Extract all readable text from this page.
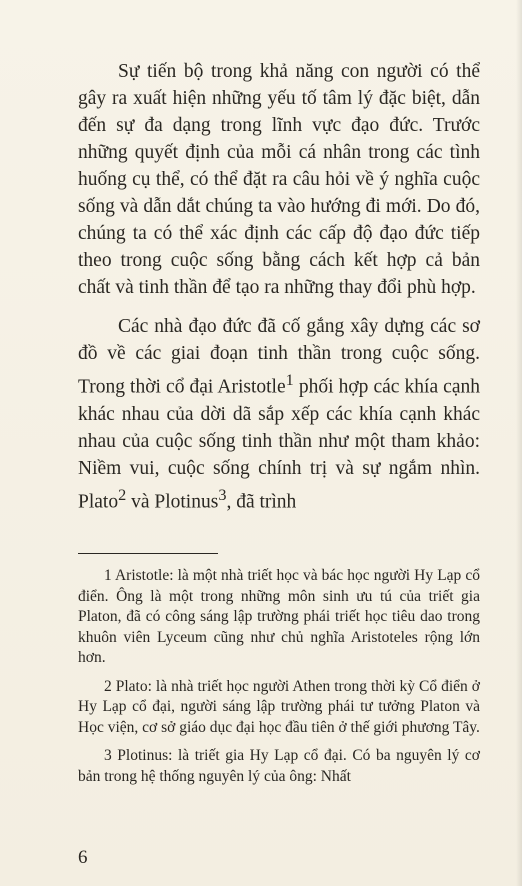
Sự tiến bộ trong khả năng con người có thể gây ra xuất hiện những yếu tố tâm lý đặc biệt, dẫn đến sự đa dạng trong lĩnh vực đạo đức. Trước những quyết định của mỗi cá nhân trong các tình huống cụ thể, có thể đặt ra câu hỏi về ý nghĩa cuộc sống và dẫn dắt chúng ta vào hướng đi mới. Do đó, chúng ta có thể xác định các cấp độ đạo đức tiếp theo trong cuộc sống bằng cách kết hợp cả bản chất và tinh thần để tạo ra những thay đổi phù hợp.

Các nhà đạo đức đã cố gắng xây dựng các sơ đồ về các giai đoạn tinh thần trong cuộc sống. Trong thời cổ đại Aristotle$^1$ phối hợp các khía cạnh khác nhau của dời dã sắp xếp các khía cạnh khác nhau của cuộc sống tinh thần như một tham khảo: Niềm vui, cuộc sống chính trị và sự ngắm nhìn. Plato$^2$ và Plotinus$^3$, đã trình

1 Aristotle: là một nhà triết học và bác học người Hy Lạp cổ điển. Ông là một trong những môn sinh ưu tú của triết gia Platon, đã có công sáng lập trường phái triết học tiêu dao trong khuôn viên Lyceum cũng như chủ nghĩa Aristoteles rộng lớn hơn.

2 Plato: là nhà triết học người Athen trong thời kỳ Cổ điển ở Hy Lạp cổ đại, người sáng lập trường phái tư tưởng Platon và Học viện, cơ sở giáo dục đại học đầu tiên ở thế giới phương Tây.

3 Plotinus: là triết gia Hy Lạp cổ đại. Có ba nguyên lý cơ bản trong hệ thống nguyên lý của ông: Nhất

6
